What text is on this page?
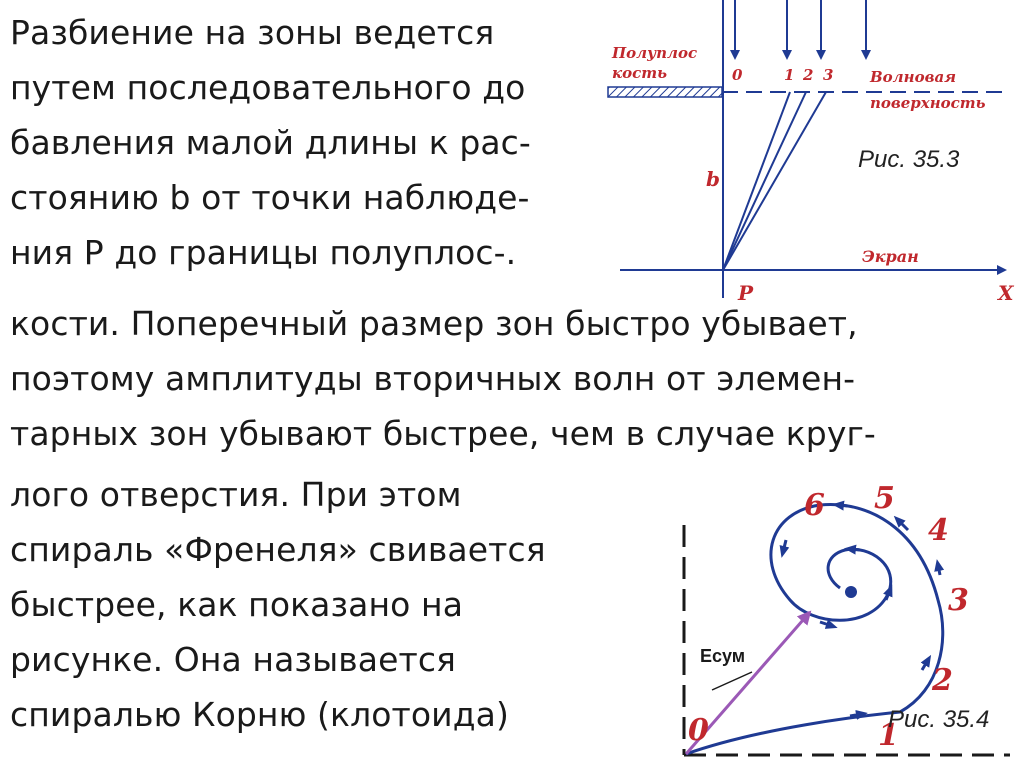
Разбиение на зоны ведется
путем последовательного до
бавления малой длины к рас-
стоянию b от точки наблюде-
ния Р до границы полуплос-.
кости. Поперечный размер зон быстро убывает,
поэтому амплитуды вторичных волн от элемен-
тарных зон убывают быстрее, чем в случае круг-
лого отверстия. При этом
спираль «Френеля» свивается
быстрее, как показано на
рисунке. Она называется
спиралью Корню (клотоида)
Полуплос
кость	Волновая
поверхность
Экран
b
P	X
0	1 2 3
Рис. 35.3
0	1
2
3
4
5
6
Eсум
Рис. 35.4
